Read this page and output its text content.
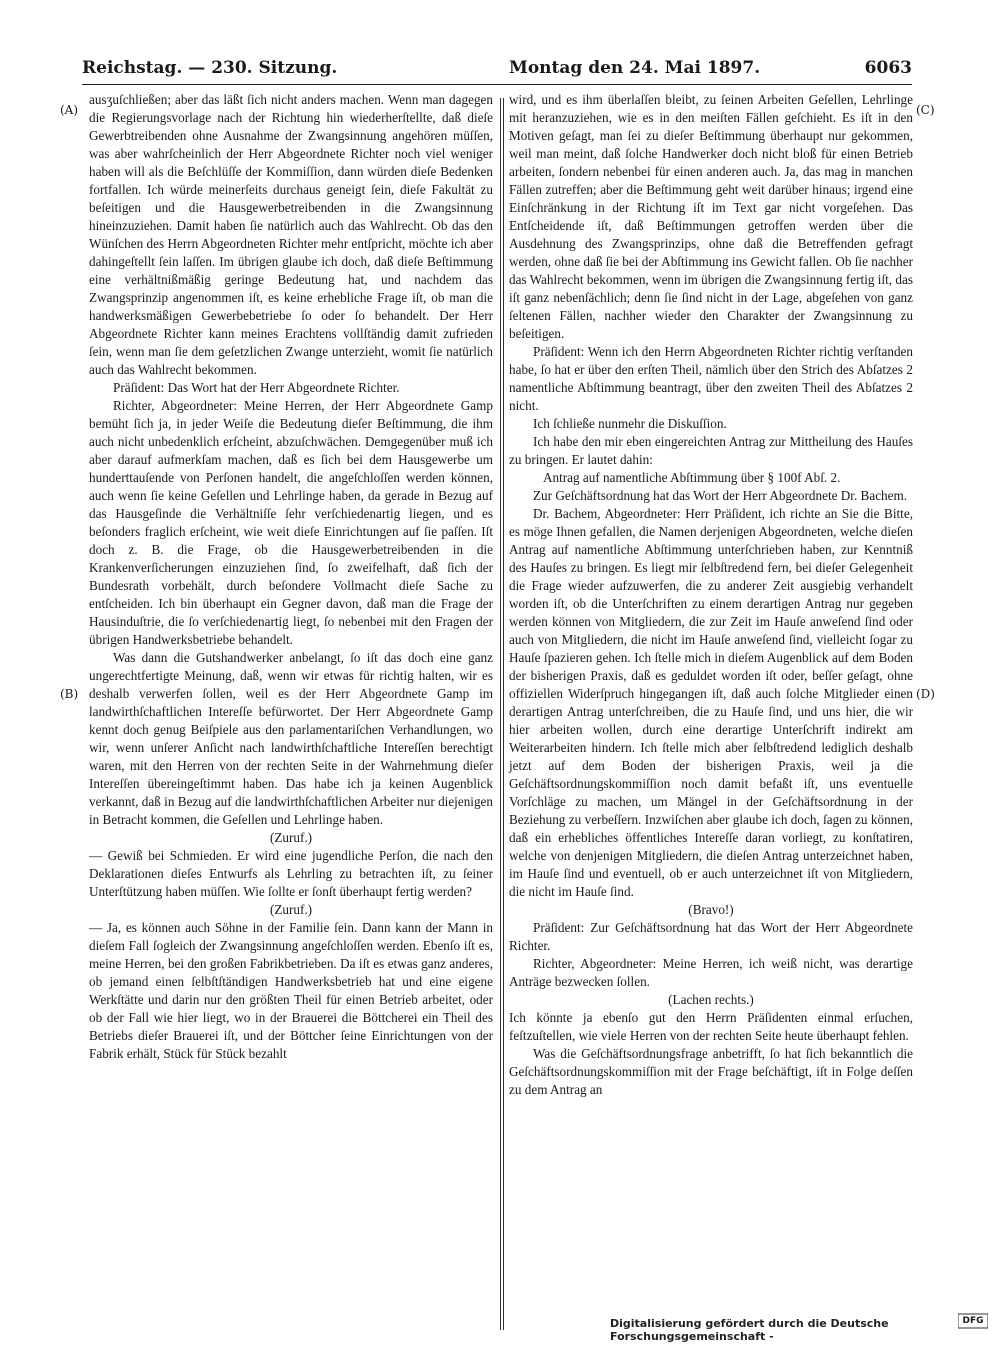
Reichstag. — 230. Sitzung.	Montag den 24. Mai 1897.	6063
(A)
(B)
(C)
(D)

ausʒuſchließen; aber das läßt ſich nicht anders machen. Wenn man dagegen die Regierungsvorlage nach der Richtung hin wiederherſtellte, daß dieſe Gewerbtreibenden ohne Ausnahme der Zwangsinnung angehören müſſen, was aber wahrſcheinlich der Herr Abgeordnete Richter noch viel weniger haben will als die Beſchlüſſe der Kommiſſion, dann würden dieſe Bedenken fortfallen. Ich würde meinerſeits durchaus geneigt ſein, dieſe Fakultät zu beſeitigen und die Hausgewerbetreibenden in die Zwangsinnung hineinzuziehen. Damit haben ſie natürlich auch das Wahlrecht. Ob das den Wünſchen des Herrn Abgeordneten Richter mehr entſpricht, möchte ich aber dahingeſtellt ſein laſſen. Im übrigen glaube ich doch, daß dieſe Beſtimmung eine verhältnißmäßig geringe Bedeutung hat, und nachdem das Zwangsprinzip angenommen iſt, es keine erhebliche Frage iſt, ob man die handwerksmäßigen Gewerbebetriebe ſo oder ſo behandelt. Der Herr Abgeordnete Richter kann meines Erachtens vollſtändig damit zufrieden ſein, wenn man ſie dem geſetzlichen Zwange unterzieht, womit ſie natürlich auch das Wahlrecht bekommen.

Präſident: Das Wort hat der Herr Abgeordnete Richter.

Richter, Abgeordneter: Meine Herren, der Herr Abgeordnete Gamp bemüht ſich ja, in jeder Weiſe die Bedeutung dieſer Beſtimmung, die ihm auch nicht unbedenklich erſcheint, abzuſchwächen. Demgegenüber muß ich aber darauf aufmerkſam machen, daß es ſich bei dem Hausgewerbe um hunderttauſende von Perſonen handelt, die angeſchloſſen werden können, auch wenn ſie keine Geſellen und Lehrlinge haben, da gerade in Bezug auf das Hausgeſinde die Verhältniſſe ſehr verſchiedenartig liegen, und es beſonders fraglich erſcheint, wie weit dieſe Einrichtungen auf ſie paſſen. Iſt doch z. B. die Frage, ob die Hausgewerbetreibenden in die Krankenverſicherungen einzuziehen ſind, ſo zweifelhaft, daß ſich der Bundesrath vorbehält, durch beſondere Vollmacht dieſe Sache zu entſcheiden. Ich bin überhaupt ein Gegner davon, daß man die Frage der Hausinduſtrie, die ſo verſchiedenartig liegt, ſo nebenbei mit den Fragen der übrigen Handwerksbetriebe behandelt.

Was dann die Gutshandwerker anbelangt, ſo iſt das doch eine ganz ungerechtfertigte Meinung, daß, wenn wir etwas für richtig halten, wir es deshalb verwerfen ſollen, weil es der Herr Abgeordnete Gamp im landwirthſchaftlichen Intereſſe befürwortet. Der Herr Abgeordnete Gamp kennt doch genug Beiſpiele aus den parlamentariſchen Verhandlungen, wo wir, wenn unſerer Anſicht nach landwirthſchaftliche Intereſſen berechtigt waren, mit den Herren von der rechten Seite in der Wahrnehmung dieſer Intereſſen übereingeſtimmt haben. Das habe ich ja keinen Augenblick verkannt, daß in Bezug auf die landwirthſchaftlichen Arbeiter nur diejenigen in Betracht kommen, die Geſellen und Lehrlinge haben.

(Zuruf.)

— Gewiß bei Schmieden. Er wird eine jugendliche Perſon, die nach den Deklarationen dieſes Entwurfs als Lehrling zu betrachten iſt, zu ſeiner Unterſtützung haben müſſen. Wie ſollte er ſonſt überhaupt fertig werden?

(Zuruf.)

— Ja, es können auch Söhne in der Familie ſein. Dann kann der Mann in dieſem Fall ſogleich der Zwangsinnung angeſchloſſen werden. Ebenſo iſt es, meine Herren, bei den großen Fabrikbetrieben. Da iſt es etwas ganz anderes, ob jemand einen ſelbſtſtändigen Handwerksbetrieb hat und eine eigene Werkſtätte und darin nur den größten Theil für einen Betrieb arbeitet, oder ob der Fall wie hier liegt, wo in der Brauerei die Böttcherei ein Theil des Betriebs dieſer Brauerei iſt, und der Böttcher ſeine Einrichtungen von der Fabrik erhält, Stück für Stück bezahlt

wird, und es ihm überlaſſen bleibt, zu ſeinen Arbeiten Geſellen, Lehrlinge mit heranzuziehen, wie es in den meiſten Fällen geſchieht. Es iſt in den Motiven geſagt, man ſei zu dieſer Beſtimmung überhaupt nur gekommen, weil man meint, daß ſolche Handwerker doch nicht bloß für einen Betrieb arbeiten, ſondern nebenbei für einen anderen auch. Ja, das mag in manchen Fällen zutreffen; aber die Beſtimmung geht weit darüber hinaus; irgend eine Einſchränkung in der Richtung iſt im Text gar nicht vorgeſehen. Das Entſcheidende iſt, daß Beſtimmungen getroffen werden über die Ausdehnung des Zwangsprinzips, ohne daß die Betreffenden gefragt werden, ohne daß ſie bei der Abſtimmung ins Gewicht fallen. Ob ſie nachher das Wahlrecht bekommen, wenn im übrigen die Zwangsinnung fertig iſt, das iſt ganz nebenſächlich; denn ſie ſind nicht in der Lage, abgeſehen von ganz ſeltenen Fällen, nachher wieder den Charakter der Zwangsinnung zu beſeitigen.

Präſident: Wenn ich den Herrn Abgeordneten Richter richtig verſtanden habe, ſo hat er über den erſten Theil, nämlich über den Strich des Abſatzes 2 namentliche Abſtimmung beantragt, über den zweiten Theil des Abſatzes 2 nicht.

Ich ſchließe nunmehr die Diskuſſion.

Ich habe den mir eben eingereichten Antrag zur Mittheilung des Hauſes zu bringen. Er lautet dahin:

Antrag auf namentliche Abſtimmung über § 100f Abſ. 2.

Zur Geſchäftsordnung hat das Wort der Herr Abgeordnete Dr. Bachem.

Dr. Bachem, Abgeordneter: Herr Präſident, ich richte an Sie die Bitte, es möge Ihnen gefallen, die Namen derjenigen Abgeordneten, welche dieſen Antrag auf namentliche Abſtimmung unterſchrieben haben, zur Kenntniß des Hauſes zu bringen. Es liegt mir ſelbſtredend fern, bei dieſer Gelegenheit die Frage wieder aufzuwerfen, die zu anderer Zeit ausgiebig verhandelt worden iſt, ob die Unterſchriften zu einem derartigen Antrag nur gegeben werden können von Mitgliedern, die zur Zeit im Hauſe anweſend ſind oder auch von Mitgliedern, die nicht im Hauſe anweſend ſind, vielleicht ſogar zu Hauſe ſpazieren gehen. Ich ſtelle mich in dieſem Augenblick auf dem Boden der bisherigen Praxis, daß es geduldet worden iſt oder, beſſer geſagt, ohne offiziellen Widerſpruch hingegangen iſt, daß auch ſolche Mitglieder einen derartigen Antrag unterſchreiben, die zu Hauſe ſind, und uns hier, die wir hier arbeiten wollen, durch eine derartige Unterſchrift indirekt am Weiterarbeiten hindern. Ich ſtelle mich aber ſelbſtredend lediglich deshalb jetzt auf dem Boden der bisherigen Praxis, weil ja die Geſchäftsordnungskommiſſion noch damit befaßt iſt, uns eventuelle Vorſchläge zu machen, um Mängel in der Geſchäftsordnung in der Beziehung zu verbeſſern. Inzwiſchen aber glaube ich doch, ſagen zu können, daß ein erhebliches öffentliches Intereſſe daran vorliegt, zu konſtatiren, welche von denjenigen Mitgliedern, die dieſen Antrag unterzeichnet haben, im Hauſe ſind und eventuell, ob er auch unterzeichnet iſt von Mitgliedern, die nicht im Hauſe ſind.

(Bravo!)

Präſident: Zur Geſchäftsordnung hat das Wort der Herr Abgeordnete Richter.

Richter, Abgeordneter: Meine Herren, ich weiß nicht, was derartige Anträge bezwecken ſollen.

(Lachen rechts.)

Ich könnte ja ebenſo gut den Herrn Präſidenten einmal erſuchen, feſtzuſtellen, wie viele Herren von der rechten Seite heute überhaupt fehlen.

Was die Geſchäftsordnungsfrage anbetrifft, ſo hat ſich bekanntlich die Geſchäftsordnungskommiſſion mit der Frage beſchäftigt, iſt in Folge deſſen zu dem Antrag an

Digitalisierung gefördert durch die Deutsche Forschungsgemeinschaft -
DFG
